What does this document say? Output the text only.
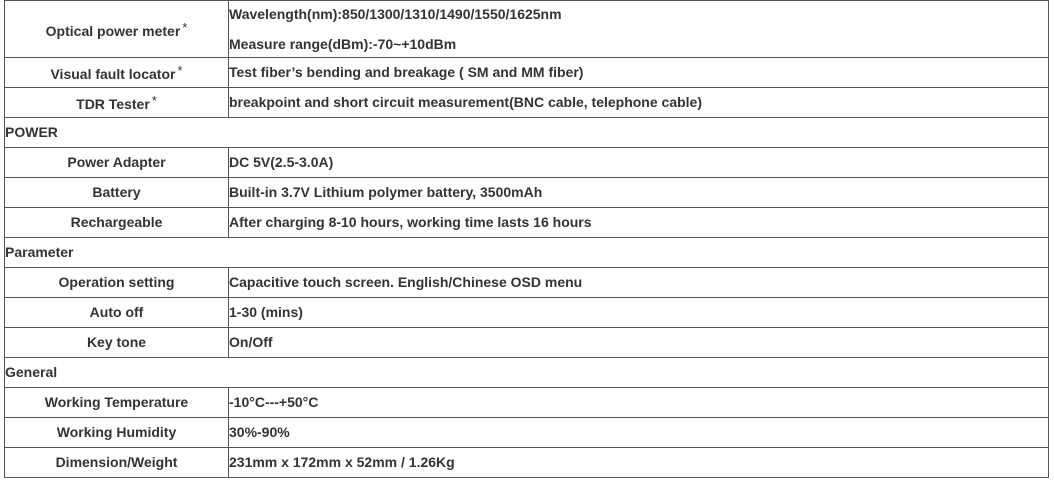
Optical power meter *	Wavelength(nm):850/1300/1310/1490/1550/1625nm
Measure range(dBm):-70~+10dBm

Visual fault locator *	Test fiber’s bending and breakage ( SM and MM fiber)
TDR Tester *	breakpoint and short circuit measurement(BNC cable, telephone cable)
POWER	
Power Adapter	DC 5V(2.5-3.0A)
Battery	Built-in 3.7V Lithium polymer battery, 3500mAh
Rechargeable	After charging 8-10 hours, working time lasts 16 hours
Parameter	
Operation setting	Capacitive touch screen. English/Chinese OSD menu
Auto off	1-30 (mins)
Key tone	On/Off
General	
Working Temperature	-10°C---+50°C
Working Humidity	30%-90%
Dimension/Weight	231mm x 172mm x 52mm / 1.26Kg
